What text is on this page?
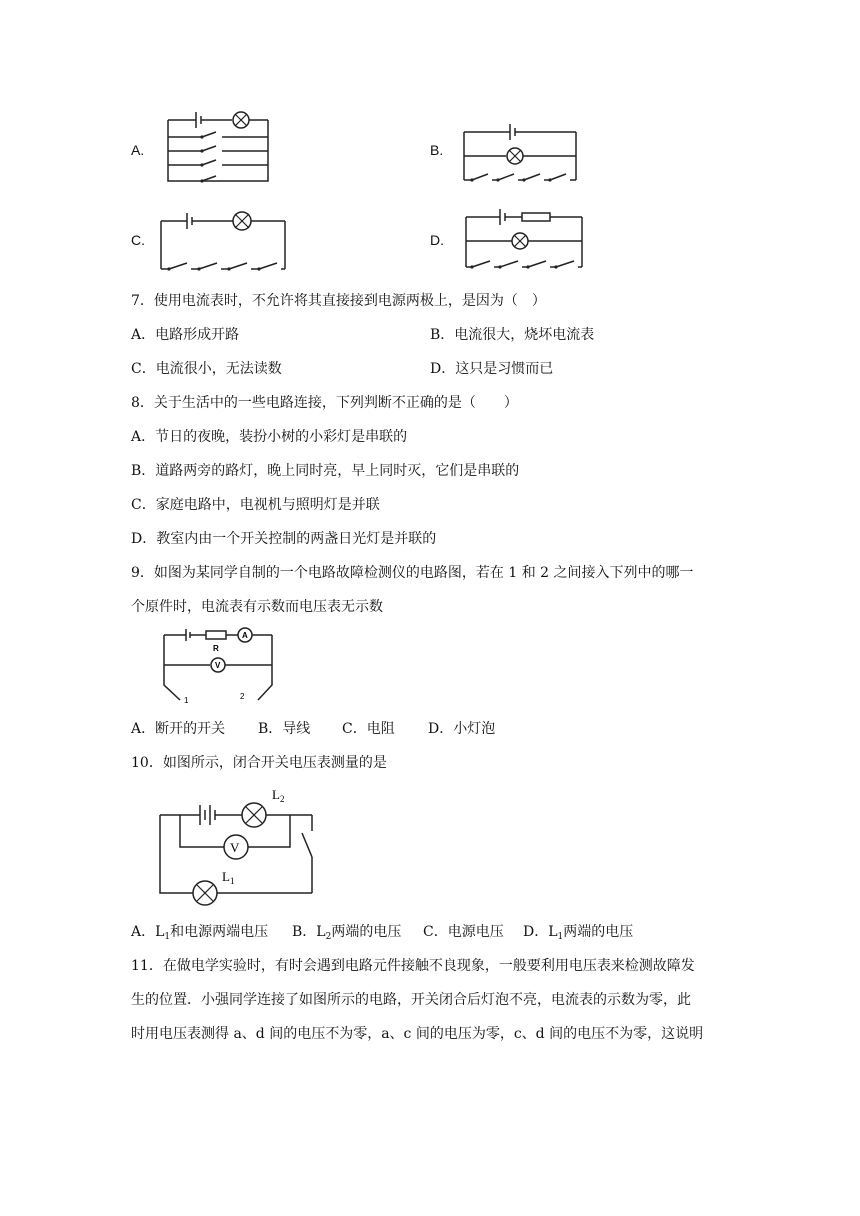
A.	B.
C.	D.
7．使用电流表时，不允许将其直接接到电源两极上，是因为（　）
A．电路形成开路	B．电流很大，烧坏电流表
C．电流很小，无法读数	D．这只是习惯而已
8．关于生活中的一些电路连接，下列判断不正确的是（　　）
A．节日的夜晚，装扮小树的小彩灯是串联的
B．道路两旁的路灯，晚上同时亮，早上同时灭，它们是串联的
C．家庭电路中，电视机与照明灯是并联
D．教室内由一个开关控制的两盏日光灯是并联的
9．如图为某同学自制的一个电路故障检测仪的电路图，若在 1 和 2 之间接入下列中的哪一
个原件时，电流表有示数而电压表无示数
R
A
V
1	2
A．断开的开关 B．导线 C．电阻 D．小灯泡
10．如图所示，闭合开关电压表测量的是
V
$L_2$
$L_1$
A．$L_1$和电源两端电压 B．$L_2$两端的电压 C．电源电压 D．$L_1$两端的电压
11．在做电学实验时，有时会遇到电路元件接触不良现象，一般要利用电压表来检测故障发
生的位置．小强同学连接了如图所示的电路，开关闭合后灯泡不亮，电流表的示数为零，此
时用电压表测得 a、d 间的电压不为零，a、c 间的电压为零，c、d 间的电压不为零，这说明
